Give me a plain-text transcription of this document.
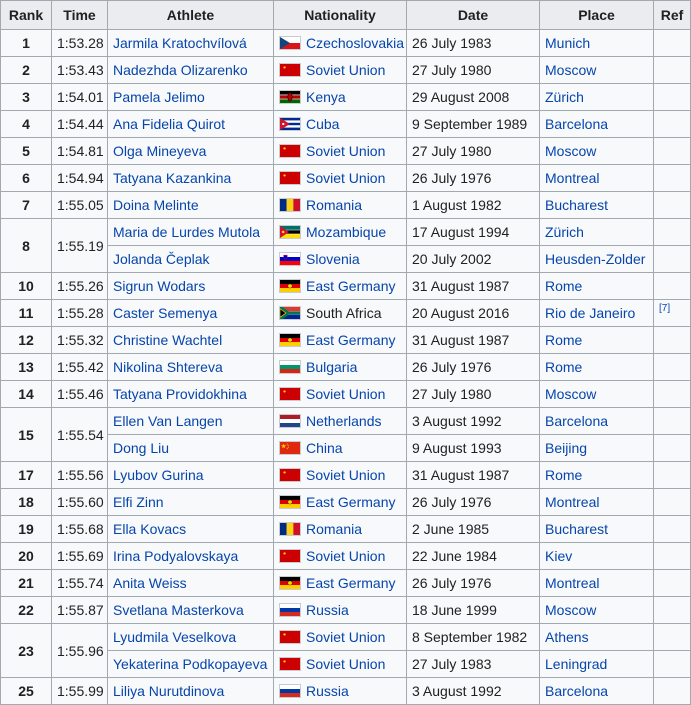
Rank	Time	Athlete	Nationality	Date	Place	Ref
1	1:53.28	Jarmila Kratochvílová	Czechoslovakia	26 July 1983	Munich	
2	1:53.43	Nadezhda Olizarenko	Soviet Union	27 July 1980	Moscow	
3	1:54.01	Pamela Jelimo	Kenya	29 August 2008	Zürich	
4	1:54.44	Ana Fidelia Quirot	Cuba	9 September 1989	Barcelona	
5	1:54.81	Olga Mineyeva	Soviet Union	27 July 1980	Moscow	
6	1:54.94	Tatyana Kazankina	Soviet Union	26 July 1976	Montreal	
7	1:55.05	Doina Melinte	Romania	1 August 1982	Bucharest	
8	1:55.19	Maria de Lurdes Mutola	Mozambique	17 August 1994	Zürich	
		Jolanda Čeplak	Slovenia	20 July 2002	Heusden-Zolder	
10	1:55.26	Sigrun Wodars	East Germany	31 August 1987	Rome	
11	1:55.28	Caster Semenya	South Africa	20 August 2016	Rio de Janeiro	[7]
12	1:55.32	Christine Wachtel	East Germany	31 August 1987	Rome	
13	1:55.42	Nikolina Shtereva	Bulgaria	26 July 1976	Rome	
14	1:55.46	Tatyana Providokhina	Soviet Union	27 July 1980	Moscow	
15	1:55.54	Ellen Van Langen	Netherlands	3 August 1992	Barcelona	
		Dong Liu	China	9 August 1993	Beijing	
17	1:55.56	Lyubov Gurina	Soviet Union	31 August 1987	Rome	
18	1:55.60	Elfi Zinn	East Germany	26 July 1976	Montreal	
19	1:55.68	Ella Kovacs	Romania	2 June 1985	Bucharest	
20	1:55.69	Irina Podyalovskaya	Soviet Union	22 June 1984	Kiev	
21	1:55.74	Anita Weiss	East Germany	26 July 1976	Montreal	
22	1:55.87	Svetlana Masterkova	Russia	18 June 1999	Moscow	
23	1:55.96	Lyudmila Veselkova	Soviet Union	8 September 1982	Athens	
		Yekaterina Podkopayeva	Soviet Union	27 July 1983	Leningrad	
25	1:55.99	Liliya Nurutdinova	Russia	3 August 1992	Barcelona	
